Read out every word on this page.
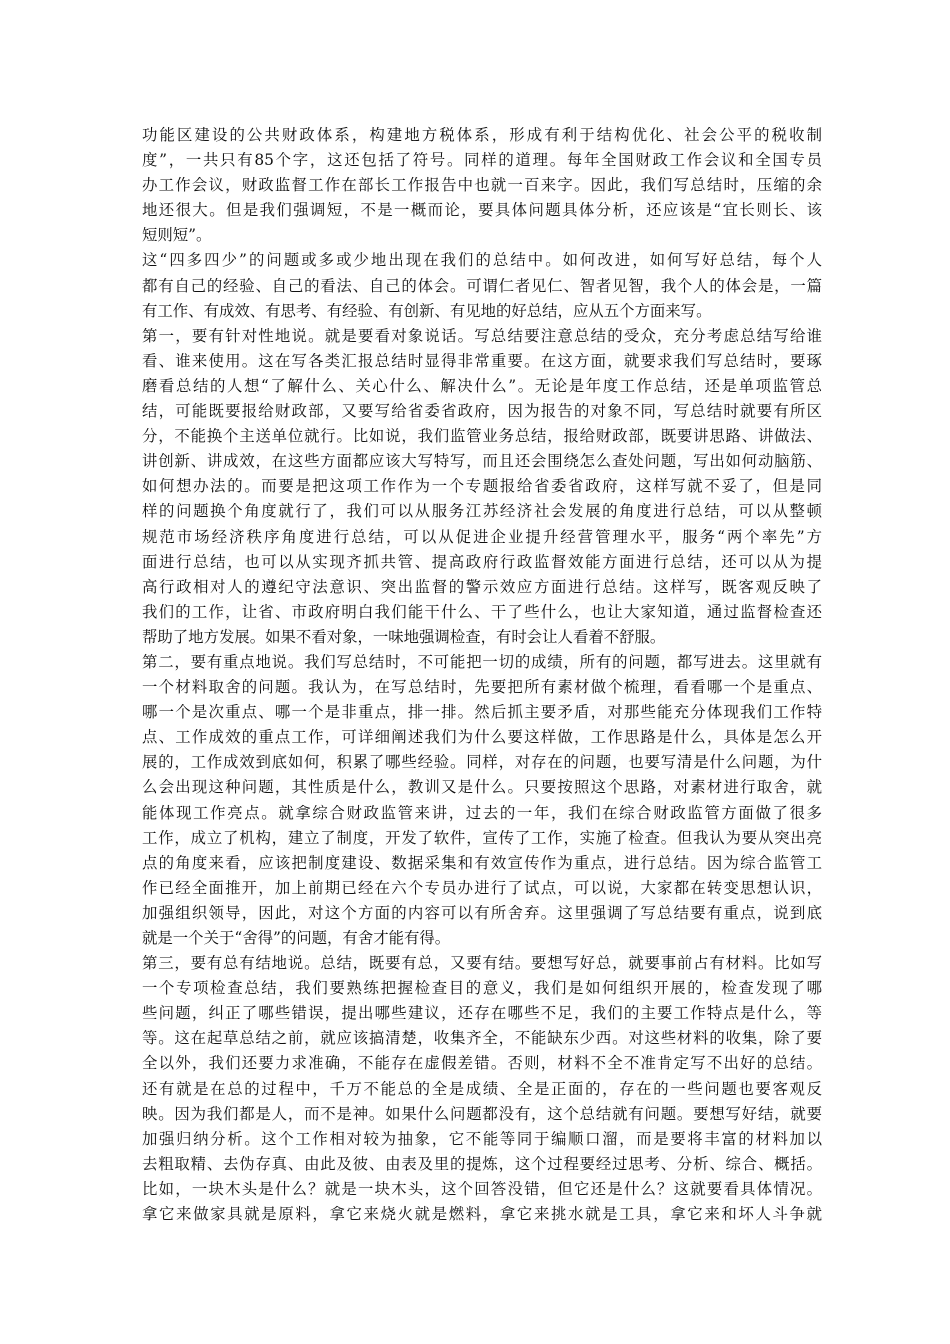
功能区建设的公共财政体系，构建地方税体系，形成有利于结构优化、社会公平的税收制
度”，一共只有85个字，这还包括了符号。同样的道理。每年全国财政工作会议和全国专员
办工作会议，财政监督工作在部长工作报告中也就一百来字。因此，我们写总结时，压缩的余
地还很大。但是我们强调短，不是一概而论，要具体问题具体分析，还应该是“宜长则长、该
短则短”。
这“四多四少”的问题或多或少地出现在我们的总结中。如何改进，如何写好总结，每个人
都有自己的经验、自己的看法、自己的体会。可谓仁者见仁、智者见智，我个人的体会是，一篇
有工作、有成效、有思考、有经验、有创新、有见地的好总结，应从五个方面来写。
第一，要有针对性地说。就是要看对象说话。写总结要注意总结的受众，充分考虑总结写给谁
看、谁来使用。这在写各类汇报总结时显得非常重要。在这方面，就要求我们写总结时，要琢
磨看总结的人想“了解什么、关心什么、解决什么”。无论是年度工作总结，还是单项监管总
结，可能既要报给财政部，又要写给省委省政府，因为报告的对象不同，写总结时就要有所区
分，不能换个主送单位就行。比如说，我们监管业务总结，报给财政部，既要讲思路、讲做法、
讲创新、讲成效，在这些方面都应该大写特写，而且还会围绕怎么查处问题，写出如何动脑筋、
如何想办法的。而要是把这项工作作为一个专题报给省委省政府，这样写就不妥了，但是同
样的问题换个角度就行了，我们可以从服务江苏经济社会发展的角度进行总结，可以从整顿
规范市场经济秩序角度进行总结，可以从促进企业提升经营管理水平，服务“两个率先”方
面进行总结，也可以从实现齐抓共管、提高政府行政监督效能方面进行总结，还可以从为提
高行政相对人的遵纪守法意识、突出监督的警示效应方面进行总结。这样写，既客观反映了
我们的工作，让省、市政府明白我们能干什么、干了些什么，也让大家知道，通过监督检查还
帮助了地方发展。如果不看对象，一味地强调检查，有时会让人看着不舒服。
第二，要有重点地说。我们写总结时，不可能把一切的成绩，所有的问题，都写进去。这里就有
一个材料取舍的问题。我认为，在写总结时，先要把所有素材做个梳理，看看哪一个是重点、
哪一个是次重点、哪一个是非重点，排一排。然后抓主要矛盾，对那些能充分体现我们工作特
点、工作成效的重点工作，可详细阐述我们为什么要这样做，工作思路是什么，具体是怎么开
展的，工作成效到底如何，积累了哪些经验。同样，对存在的问题，也要写清是什么问题，为什
么会出现这种问题，其性质是什么，教训又是什么。只要按照这个思路，对素材进行取舍，就
能体现工作亮点。就拿综合财政监管来讲，过去的一年，我们在综合财政监管方面做了很多
工作，成立了机构，建立了制度，开发了软件，宣传了工作，实施了检查。但我认为要从突出亮
点的角度来看，应该把制度建设、数据采集和有效宣传作为重点，进行总结。因为综合监管工
作已经全面推开，加上前期已经在六个专员办进行了试点，可以说，大家都在转变思想认识，
加强组织领导，因此，对这个方面的内容可以有所舍弃。这里强调了写总结要有重点，说到底
就是一个关于“舍得”的问题，有舍才能有得。
第三，要有总有结地说。总结，既要有总，又要有结。要想写好总，就要事前占有材料。比如写
一个专项检查总结，我们要熟练把握检查目的意义，我们是如何组织开展的，检查发现了哪
些问题，纠正了哪些错误，提出哪些建议，还存在哪些不足，我们的主要工作特点是什么，等
等。这在起草总结之前，就应该搞清楚，收集齐全，不能缺东少西。对这些材料的收集，除了要
全以外，我们还要力求准确，不能存在虚假差错。否则，材料不全不准肯定写不出好的总结。
还有就是在总的过程中，千万不能总的全是成绩、全是正面的，存在的一些问题也要客观反
映。因为我们都是人，而不是神。如果什么问题都没有，这个总结就有问题。要想写好结，就要
加强归纳分析。这个工作相对较为抽象，它不能等同于编顺口溜，而是要将丰富的材料加以
去粗取精、去伪存真、由此及彼、由表及里的提炼，这个过程要经过思考、分析、综合、概括。
比如，一块木头是什么？就是一块木头，这个回答没错，但它还是什么？这就要看具体情况。
拿它来做家具就是原料，拿它来烧火就是燃料，拿它来挑水就是工具，拿它来和坏人斗争就
